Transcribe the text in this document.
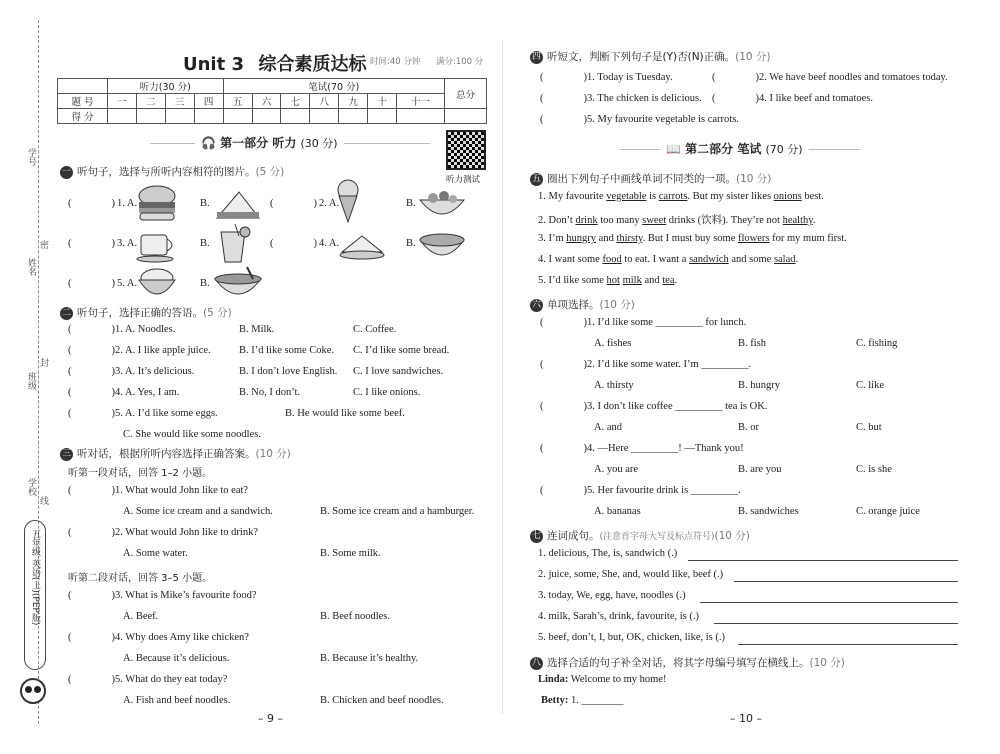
学号
密
姓名
封
班级
学校
线
五年级 英语(上)(PEP版)
Unit 3 综合素质达标 时间:40 分钟 满分:100 分
	听力(30 分)				笔试(70 分)							总分
题 号	一	二	三	四	五	六	七	八	九	十	十一	
得 分												
🎧 第一部分 听力 (30 分)
听力测试
一 听句子，选择与所听内容相符的图片。(5 分)
(	) 1. A.	B.	(	) 2. A.	B.
(	) 3. A.	B.	(	) 4. A.	B.
(	) 5. A.	B.
二 听句子，选择正确的答语。(5 分)
(	)1. A. Noodles.	B. Milk.	C. Coffee.
(	)2. A. I like apple juice.	B. I’d like some Coke. C. I’d like some bread.
(	)3. A. It’s delicious.	B. I don’t love English. C. I love sandwiches.
(	)4. A. Yes, I am.	B. No, I don’t.	C. I like onions.
(	)5. A. I’d like some eggs.	B. He would like some beef.
C. She would like some noodles.
三 听对话，根据所听内容选择正确答案。(10 分)
听第一段对话，回答 1–2 小题。
(	)1. What would John like to eat?
A. Some ice cream and a sandwich.	B. Some ice cream and a hamburger.
(	)2. What would John like to drink?
A. Some water.	B. Some milk.
听第二段对话，回答 3–5 小题。
(	)3. What is Mike’s favourite food?
A. Beef.	B. Beef noodles.
(	)4. Why does Amy like chicken?
A. Because it’s delicious.	B. Because it’s healthy.
(	)5. What do they eat today?
A. Fish and beef noodles.	B. Chicken and beef noodles.
– 9 –
四 听短文，判断下列句子是(Y)否(N)正确。(10 分)
(	)1. Today is Tuesday.	(	)2. We have beef noodles and tomatoes today.
(	)3. The chicken is delicious. (	)4. I like beef and tomatoes.
(	)5. My favourite vegetable is carrots.
📖 第二部分 笔试 (70 分)
五 圈出下列句子中画线单词不同类的一项。(10 分)
1. My favourite vegetable is carrots. But my sister likes onions best.
2. Don’t drink too many sweet drinks (饮料). They’re not healthy.
3. I’m hungry and thirsty. But I must buy some flowers for my mum first.
4. I want some food to eat. I want a sandwich and some salad.
5. I’d like some hot milk and tea.
六 单项选择。(10 分)
(	)1. I’d like some _________ for lunch.
A. fishes	B. fish	C. fishing
(	)2. I’d like some water. I’m _________.
A. thirsty	B. hungry	C. like
(	)3. I don’t like coffee _________ tea is OK.
A. and	B. or	C. but
(	)4. —Here _________! —Thank you!
A. you are	B. are you	C. is she
(	)5. Her favourite drink is _________.
A. bananas	B. sandwiches	C. orange juice
七 连词成句。(注意首字母大写及标点符号)(10 分)
1. delicious, The, is, sandwich (.)
2. juice, some, She, and, would like, beef (.)
3. today, We, egg, have, noodles (.)
4. milk, Sarah’s, drink, favourite, is (.)
5. beef, don’t, I, but, OK, chicken, like, is (.)
八 选择合适的句子补全对话，将其字母编号填写在横线上。(10 分)
Linda: Welcome to my home!
Betty: 1. ________
– 10 –
